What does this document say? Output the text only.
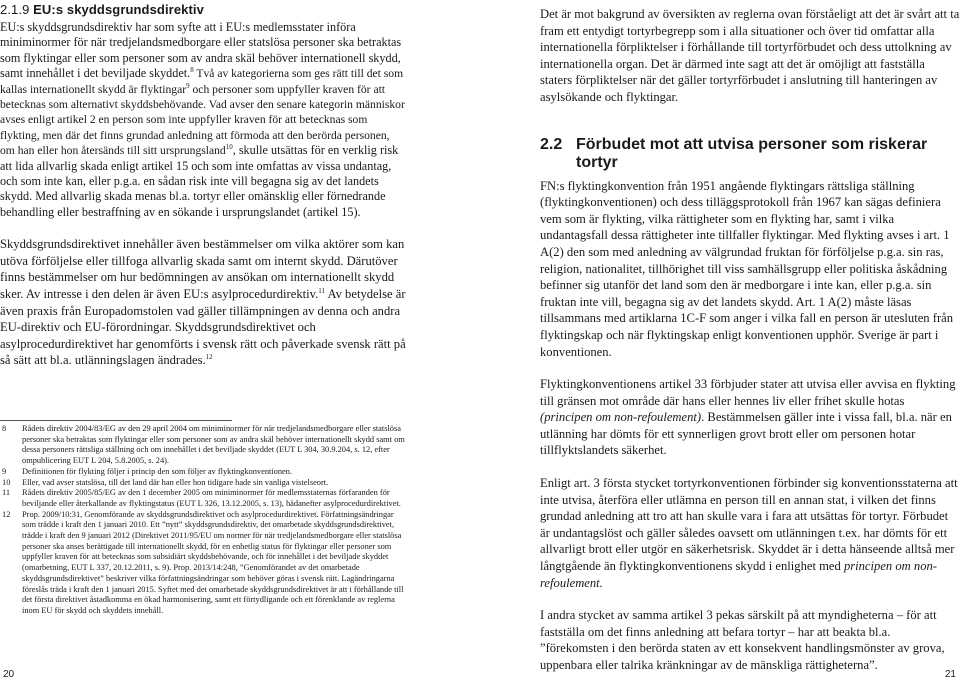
2.1.9 EU:s skyddsgrundsdirektiv

EU:s skyddsgrundsdirektiv har som syfte att i EU:s medlemsstater införa miniminormer för när tredjelandsmedborgare eller statslösa personer ska betraktas som flyktingar eller som personer som av andra skäl behöver internationell skydd, samt innehållet i det beviljade skyddet.$^8$ Två av kategorierna som ges rätt till det som kallas internationellt skydd är flyktingar$^9$ och personer som uppfyller kraven för att betecknas som alternativt skyddsbehövande. Vad avser den senare kategorin människor avses enligt artikel 2 en person som inte uppfyller kraven för att betecknas som flykting, men där det finns grundad anledning att förmoda att den berörda personen, om han eller hon återsänds till sitt ursprungsland$^{10}$, skulle utsättas för en verklig risk att lida allvarlig skada enligt artikel 15 och som inte omfattas av vissa undantag, och som inte kan, eller p.g.a. en sådan risk inte vill begagna sig av det landets skydd. Med allvarlig skada menas bl.a. tortyr eller omänsklig eller förnedrande behandling eller bestraffning av en sökande i ursprungslandet (artikel 15).

Skyddsgrundsdirektivet innehåller även bestämmelser om vilka aktörer som kan utöva förföljelse eller tillfoga allvarlig skada samt om internt skydd. Därutöver finns bestämmelser om hur bedömningen av ansökan om internationellt skydd sker. Av intresse i den delen är även EU:s asylprocedurdirektiv.$^{11}$ Av betydelse är även praxis från Europadomstolen vad gäller tillämpningen av denna och andra EU-direktiv och EU-förordningar. Skyddsgrundsdirektivet och asylprocedurdirektivet har genomförts i svensk rätt och påverkade svensk rätt på så sätt att bl.a. utlänningslagen ändrades.$^{12}$

8	Rådets direktiv 2004/83/EG av den 29 april 2004 om miniminormer för när tredjelandsmedborgare eller statslösa personer ska betraktas som flyktingar eller som personer som av andra skäl behöver internationellt skydd samt om dessa personers rättsliga ställning och om innehållet i det beviljade skyddet (EUT L 304, 30.9.204, s. 12, efter ompublicering EUT L 204, 5.8.2005, s. 24).
9	Definitionen för flykting följer i princip den som följer av flyktingkonventionen.
10	Eller, vad avser statslösa, till det land där han eller hon tidigare hade sin vanliga vistelseort.
11	Rådets direktiv 2005/85/EG av den 1 december 2005 om miniminormer för medlemsstaternas förfaranden för beviljande eller återkallande av flyktingstatus (EUT L 326, 13.12.2005, s. 13), hädanefter asylprocedurdirektivet.
12	Prop. 2009/10:31, Genomförande av skyddsgrundsdirektivet och asylprocedurdirektivet. Författningsändringar som trädde i kraft den 1 januari 2010. Ett ”nytt” skyddsgrundsdirektiv, det omarbetade skyddsgrundsdirektivet, trädde i kraft den 9 januari 2012 (Direktivet 2011/95/EU om normer för när tredjelandsmedborgare eller statslösa personer ska anses berättigade till internationellt skydd, för en enhetlig status för flyktingar eller personer som uppfyller kraven för att betecknas som subsidiärt skyddsbehövande, och för innehållet i det beviljade skyddet (omarbetning, EUT L 337, 20.12.2011, s. 9). Prop. 2013/14:248, ”Genomförandet av det omarbetade skyddsgrundsdirektivet” beskriver vilka författningsändringar som behöver göras i svensk rätt. Lagändringarna föreslås träda i kraft den 1 januari 2015. Syftet med det omarbetade skyddsgrundsdirektivet är att i förhållande till det första direktivet åstadkomma en ökad harmonisering, samt ett förtydligande och ett förenklande av reglerna inom EU för skydd och skyddets innehåll.

Det är mot bakgrund av översikten av reglerna ovan förståeligt att det är svårt att ta fram ett entydigt tortyrbegrepp som i alla situationer och över tid omfattar alla internationella förpliktelser i förhållande till tortyrförbudet och dess uttolkning av internationella organ. Det är därmed inte sagt att det är omöjligt att fastställa staters förpliktelser när det gäller tortyrförbudet i anslutning till hanteringen av asylsökande och flyktingar.

2.2 Förbudet mot att utvisa personer som riskerar tortyr

FN:s flyktingkonvention från 1951 angående flyktingars rättsliga ställning (flyktingkonventionen) och dess tilläggsprotokoll från 1967 kan sägas definiera vem som är flykting, vilka rättigheter som en flykting har, samt i vilka undantagsfall dessa rättigheter inte tillfaller flyktingar. Med flykting avses i art. 1 A(2) den som med anledning av välgrundad fruktan för förföljelse p.g.a. sin ras, religion, nationalitet, tillhörighet till viss samhällsgrupp eller politiska åskådning befinner sig utanför det land som den är medborgare i inte kan, eller p.g.a. sin fruktan inte vill, begagna sig av det landets skydd. Art. 1 A(2) måste läsas tillsammans med artiklarna 1C-F som anger i vilka fall en person är utesluten från flyktingskap och när flyktingskap enligt konventionen upphör. Sverige är part i konventionen.

Flyktingkonventionens artikel 33 förbjuder stater att utvisa eller avvisa en flykting till gränsen mot område där hans eller hennes liv eller frihet skulle hotas (principen om non-refoulement). Bestämmelsen gäller inte i vissa fall, bl.a. när en utlänning har dömts för ett synnerligen grovt brott eller om personen hotar tillflyktslandets säkerhet.

Enligt art. 3 första stycket tortyrkonventionen förbinder sig konventionsstaterna att inte utvisa, återföra eller utlämna en person till en annan stat, i vilken det finns grundad anledning att tro att han skulle vara i fara att utsättas för tortyr. Förbudet är undantagslöst och gäller således oavsett om utlänningen t.ex. har dömts för ett allvarligt brott eller utgör en säkerhetsrisk. Skyddet är i detta hänseende alltså mer långtgående än flyktingkonventionens skydd i enlighet med principen om non-refoulement.

I andra stycket av samma artikel 3 pekas särskilt på att myndigheterna – för att fastställa om det finns anledning att befara tortyr – har att beakta bl.a. ”förekomsten i den berörda staten av ett konsekvent handlingsmönster av grova, uppenbara eller talrika kränkningar av de mänskliga rättigheterna”.

20	21
